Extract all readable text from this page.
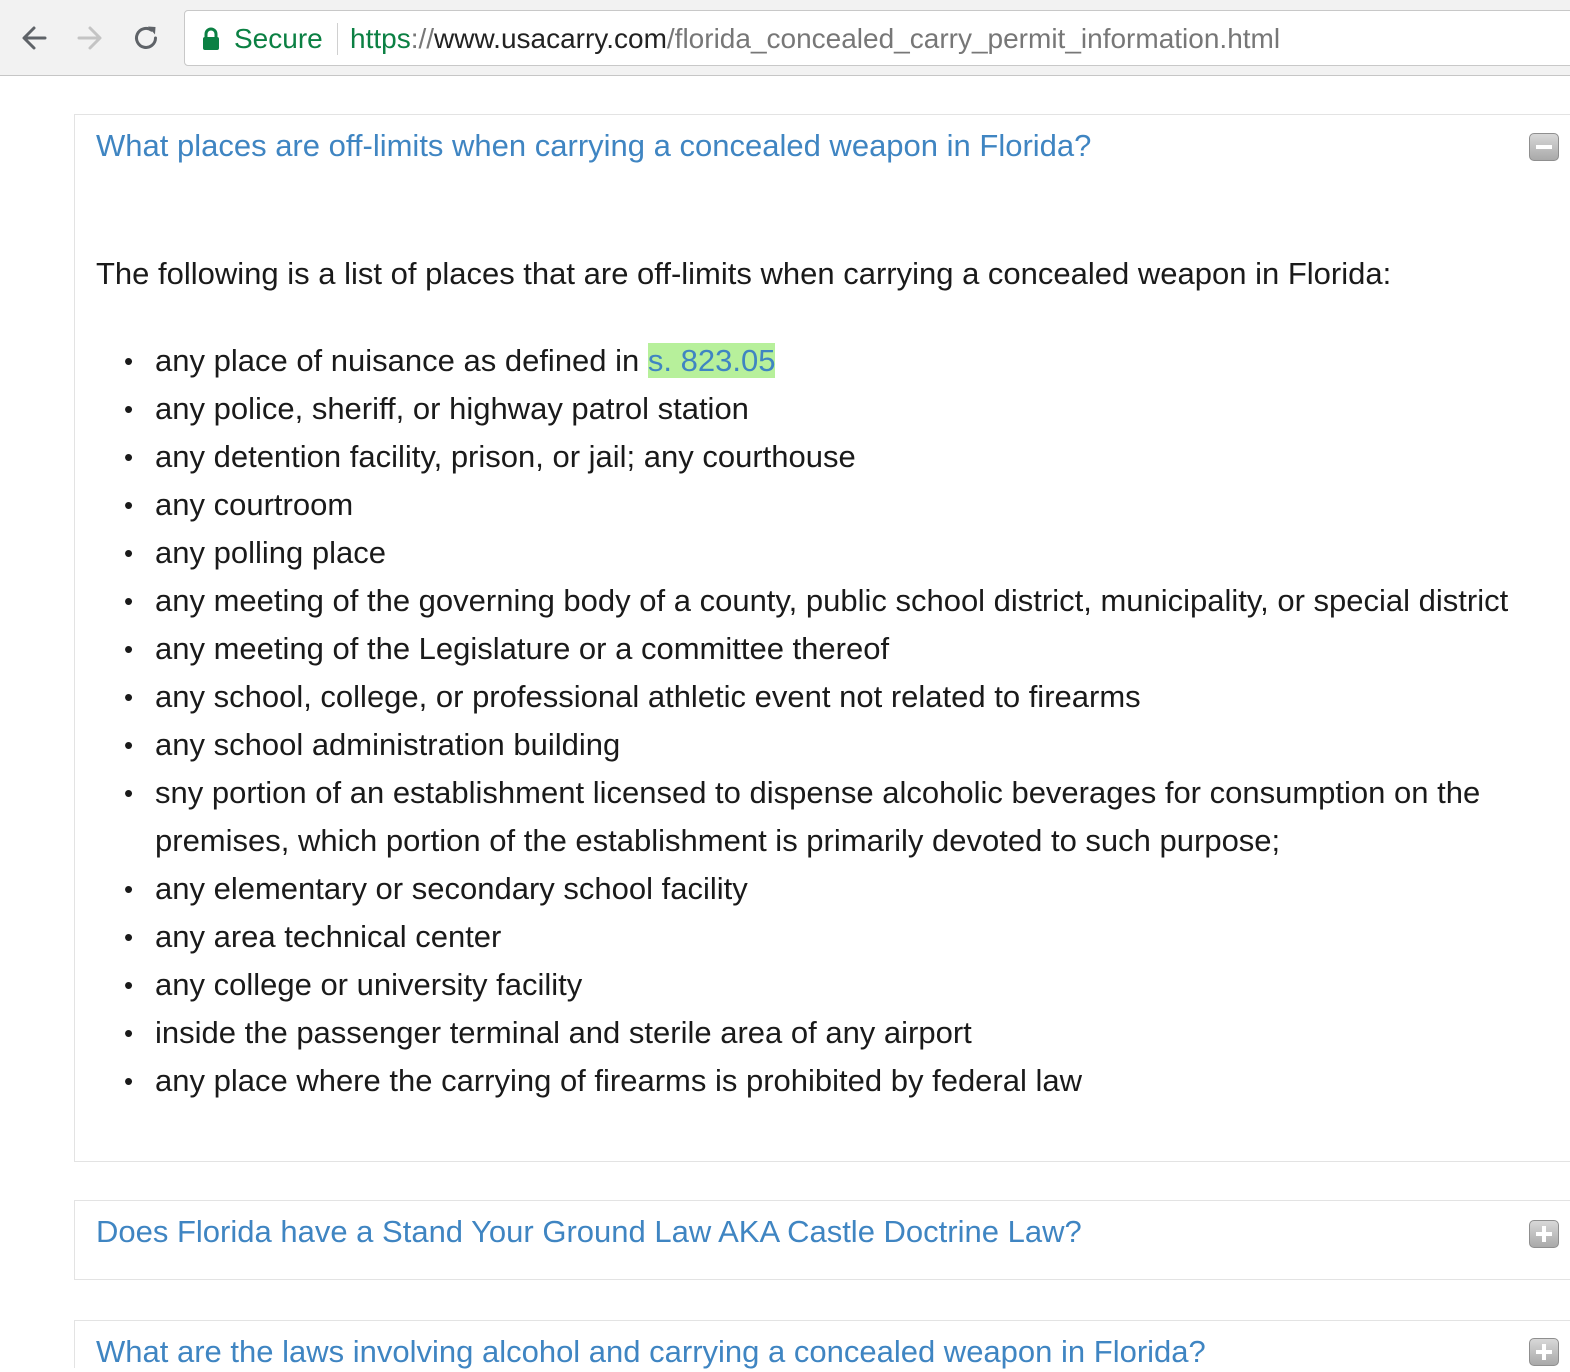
Secure https://www.usacarry.com/florida_concealed_carry_permit_information.html
What places are off-limits when carrying a concealed weapon in Florida?
The following is a list of places that are off-limits when carrying a concealed weapon in Florida:
• any place of nuisance as defined in s. 823.05
• any police, sheriff, or highway patrol station
• any detention facility, prison, or jail; any courthouse
• any courtroom
• any polling place
• any meeting of the governing body of a county, public school district, municipality, or special district
• any meeting of the Legislature or a committee thereof
• any school, college, or professional athletic event not related to firearms
• any school administration building
• sny portion of an establishment licensed to dispense alcoholic beverages for consumption on the premises, which portion of the establishment is primarily devoted to such purpose;
• any elementary or secondary school facility
• any area technical center
• any college or university facility
• inside the passenger terminal and sterile area of any airport
• any place where the carrying of firearms is prohibited by federal law
Does Florida have a Stand Your Ground Law AKA Castle Doctrine Law?
What are the laws involving alcohol and carrying a concealed weapon in Florida?
